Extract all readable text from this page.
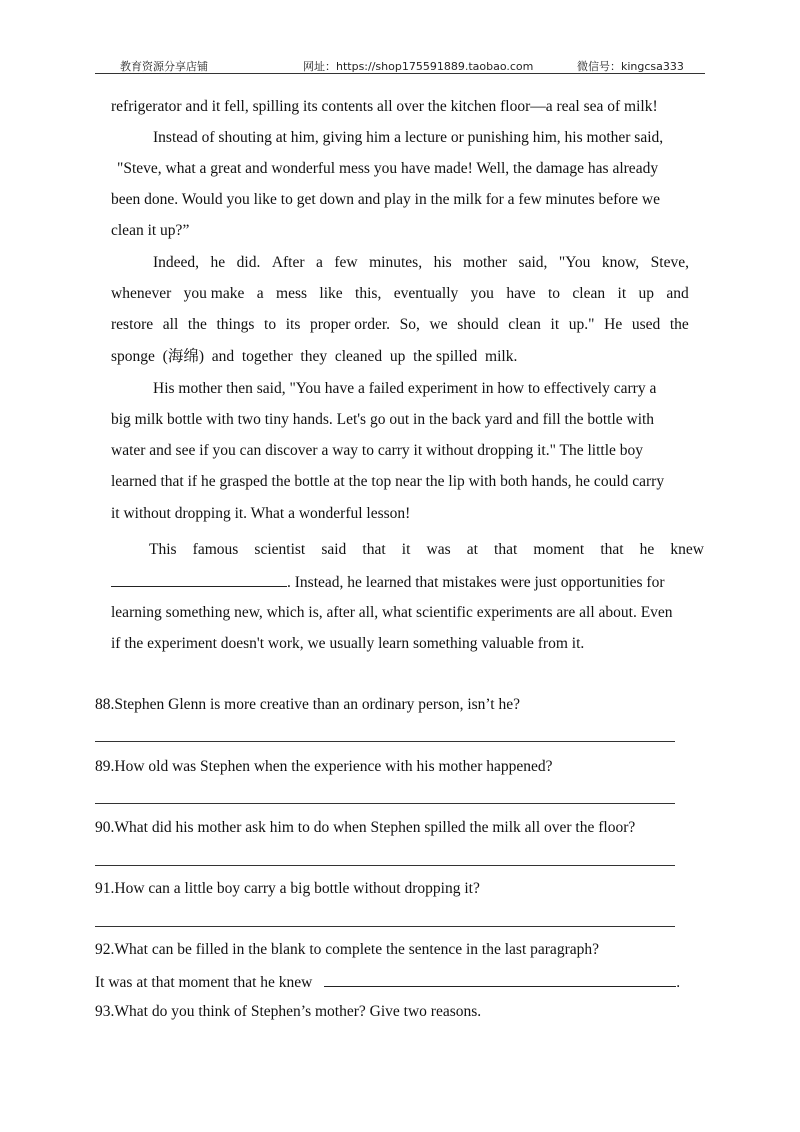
教育资源分享店铺	网址：https://shop175591889.taobao.com	微信号：kingcsa333
refrigerator and it fell, spilling its contents all over the kitchen floor—a real sea of milk!
Instead of shouting at him, giving him a lecture or punishing him, his mother said,
"Steve, what a great and wonderful mess you have made! Well, the damage has already
been done. Would you like to get down and play in the milk for a few minutes before we
clean it up?”
Indeed, he did. After a few minutes, his mother said, "You know, Steve,
whenever you make a mess like this, eventually you have to clean it up and
restore all the things to its proper order. So, we should clean it up." He used the
sponge  (海绵)  and  together  they  cleaned  up  the spilled  milk.
His mother then said, "You have a failed experiment in how to effectively carry a
big milk bottle with two tiny hands. Let's go out in the back yard and fill the bottle with
water and see if you can discover a way to carry it without dropping it." The little boy
learned that if he grasped the bottle at the top near the lip with both hands, he could carry
it without dropping it. What a wonderful lesson!
This famous scientist said that it was at that moment that he knew
. Instead, he learned that mistakes were just opportunities for
learning something new, which is, after all, what scientific experiments are all about. Even
if the experiment doesn't work, we usually learn something valuable from it.
88.Stephen Glenn is more creative than an ordinary person, isn’t he?
89.How old was Stephen when the experience with his mother happened?
90.What did his mother ask him to do when Stephen spilled the milk all over the floor?
91.How can a little boy carry a big bottle without dropping it?
92.What can be filled in the blank to complete the sentence in the last paragraph?
It was at that moment that he knew	.
93.What do you think of Stephen’s mother? Give two reasons.
